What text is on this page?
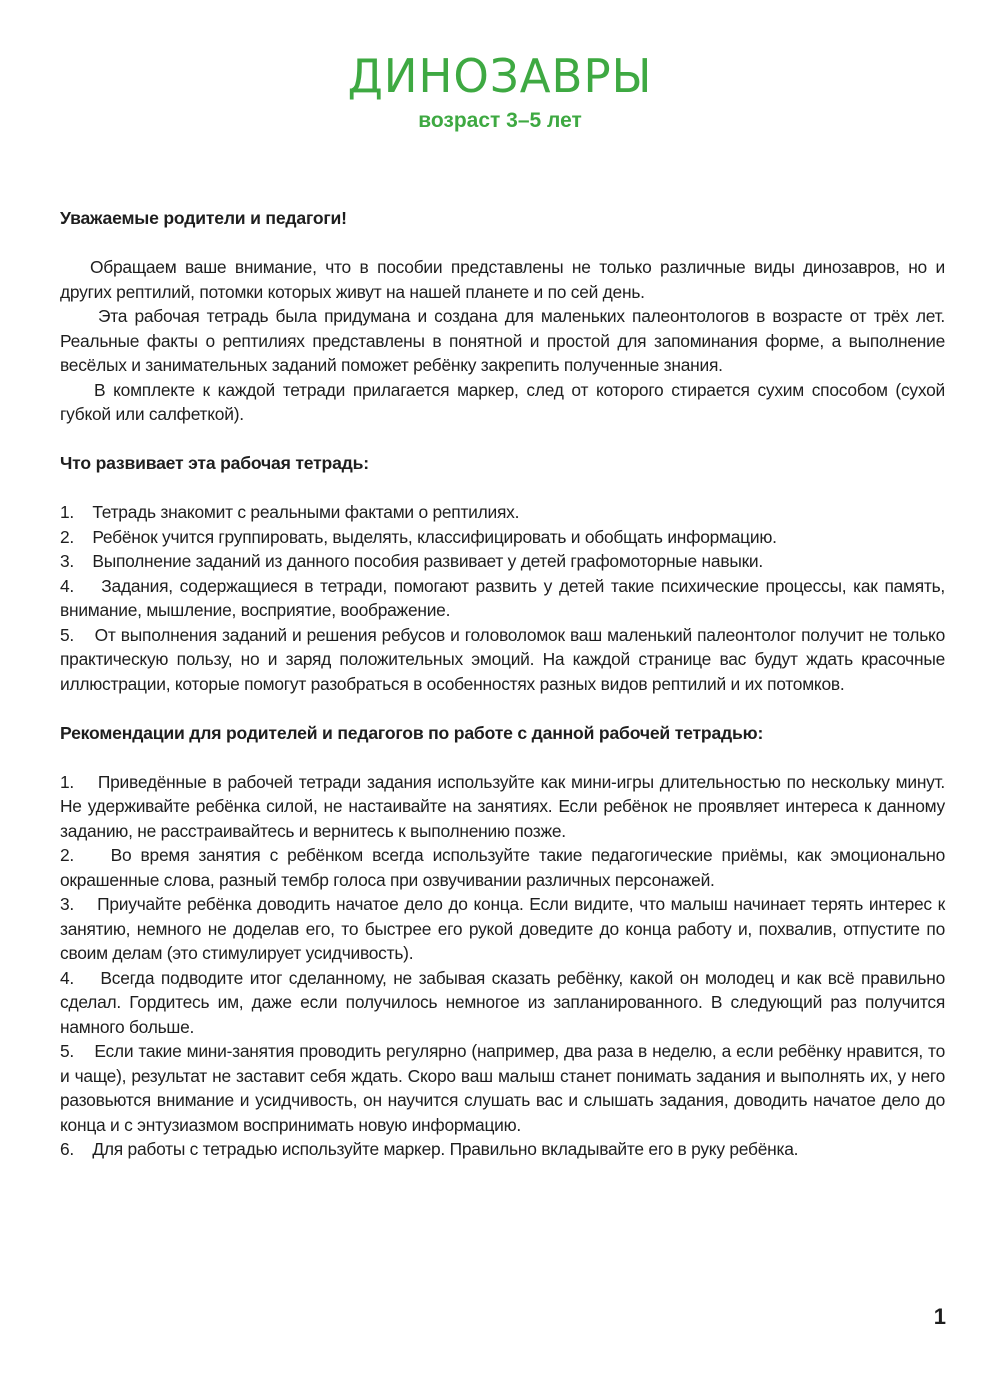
ДИНОЗАВРЫ
возраст 3–5 лет

Уважаемые родители и педагоги!

Обращаем ваше внимание, что в пособии представлены не только различные виды динозавров, но и других рептилий, потомки которых живут на нашей планете и по сей день.

Эта рабочая тетрадь была придумана и создана для маленьких палеонтологов в возрасте от трёх лет. Реальные факты о рептилиях представлены в понятной и простой для запоминания форме, а выполнение весёлых и занимательных заданий поможет ребёнку закрепить полученные знания.

В комплекте к каждой тетради прилагается маркер, след от которого стирается сухим способом (сухой губкой или салфеткой).

Что развивает эта рабочая тетрадь:

1. Тетрадь знакомит с реальными фактами о рептилиях.

2. Ребёнок учится группировать, выделять, классифицировать и обобщать информацию.

3. Выполнение заданий из данного пособия развивает у детей графомоторные навыки.

4. Задания, содержащиеся в тетради, помогают развить у детей такие психические процессы, как память, внимание, мышление, восприятие, воображение.

5. От выполнения заданий и решения ребусов и головоломок ваш маленький палеонтолог получит не только практическую пользу, но и заряд положительных эмоций. На каждой странице вас будут ждать красочные иллюстрации, которые помогут разобраться в особенностях разных видов рептилий и их потомков.

Рекомендации для родителей и педагогов по работе с данной рабочей тетрадью:

1. Приведённые в рабочей тетради задания используйте как мини-игры длительностью по нескольку минут. Не удерживайте ребёнка силой, не настаивайте на занятиях. Если ребёнок не проявляет интереса к данному заданию, не расстраивайтесь и вернитесь к выполнению позже.

2. Во время занятия с ребёнком всегда используйте такие педагогические приёмы, как эмоционально окрашенные слова, разный тембр голоса при озвучивании различных персонажей.

3. Приучайте ребёнка доводить начатое дело до конца. Если видите, что малыш начинает терять интерес к занятию, немного не доделав его, то быстрее его рукой доведите до конца работу и, похвалив, отпустите по своим делам (это стимулирует усидчивость).

4. Всегда подводите итог сделанному, не забывая сказать ребёнку, какой он молодец и как всё правильно сделал. Гордитесь им, даже если получилось немногое из запланированного. В следующий раз получится намного больше.

5. Если такие мини-занятия проводить регулярно (например, два раза в неделю, а если ребёнку нравится, то и чаще), результат не заставит себя ждать. Скоро ваш малыш станет понимать задания и выполнять их, у него разовьются внимание и усидчивость, он научится слушать вас и слышать задания, доводить начатое дело до конца и с энтузиазмом воспринимать новую информацию.

6. Для работы с тетрадью используйте маркер. Правильно вкладывайте его в руку ребёнка.

1
